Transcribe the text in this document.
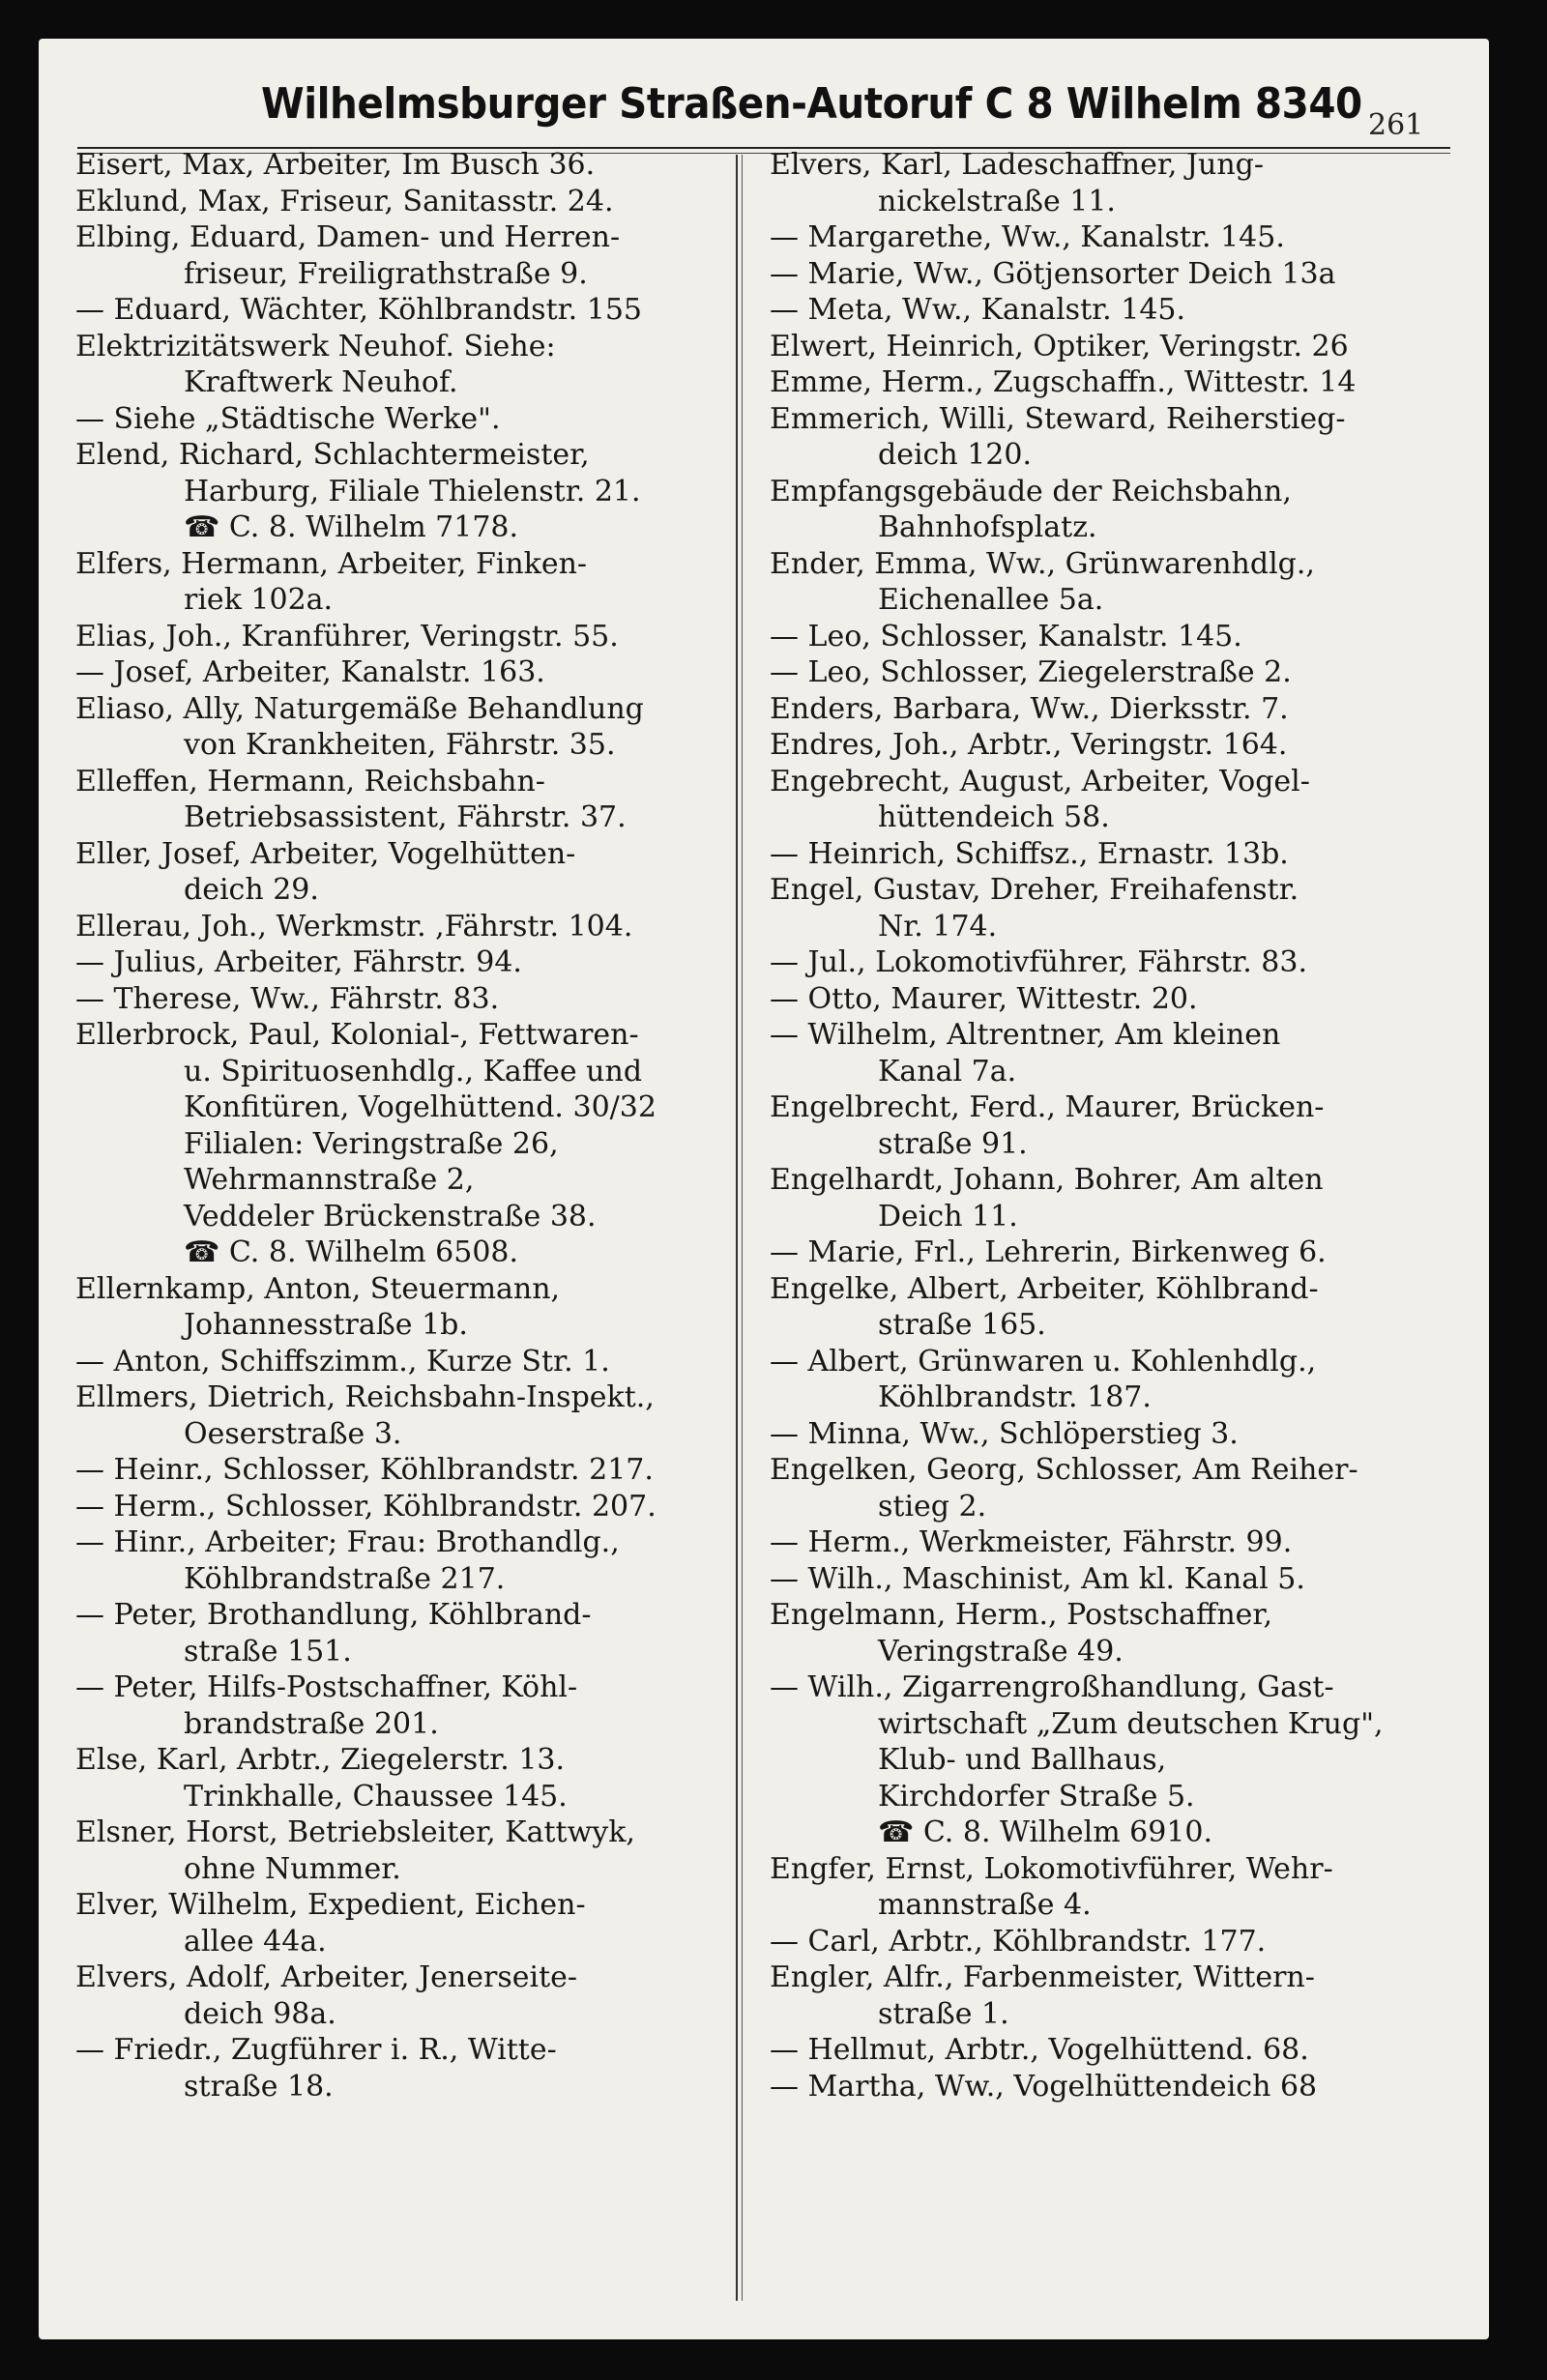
Wilhelmsburger Straßen-Autoruf C 8 Wilhelm 8340 261
Eisert, Max, Arbeiter, Im Busch 36.
Eklund, Max, Friseur, Sanitasstr. 24.
Elbing, Eduard, Damen- und Herren-
friseur, Freiligrathstraße 9.
— Eduard, Wächter, Köhlbrandstr. 155
Elektrizitätswerk Neuhof. Siehe:
Kraftwerk Neuhof.
— Siehe „Städtische Werke".
Elend, Richard, Schlachtermeister,
Harburg, Filiale Thielenstr. 21.
☎ C. 8. Wilhelm 7178.
Elfers, Hermann, Arbeiter, Finken-
riek 102a.
Elias, Joh., Kranführer, Veringstr. 55.
— Josef, Arbeiter, Kanalstr. 163.
Eliaso, Ally, Naturgemäße Behandlung
von Krankheiten, Fährstr. 35.
Elleffen, Hermann, Reichsbahn-
Betriebsassistent, Fährstr. 37.
Eller, Josef, Arbeiter, Vogelhütten-
deich 29.
Ellerau, Joh., Werkmstr. ,Fährstr. 104.
— Julius, Arbeiter, Fährstr. 94.
— Therese, Ww., Fährstr. 83.
Ellerbrock, Paul, Kolonial-, Fettwaren-
u. Spirituosenhdlg., Kaffee und
Konfitüren, Vogelhüttend. 30/32
Filialen: Veringstraße 26,
Wehrmannstraße 2,
Veddeler Brückenstraße 38.
☎ C. 8. Wilhelm 6508.
Ellernkamp, Anton, Steuermann,
Johannesstraße 1b.
— Anton, Schiffszimm., Kurze Str. 1.
Ellmers, Dietrich, Reichsbahn-Inspekt.,
Oeserstraße 3.
— Heinr., Schlosser, Köhlbrandstr. 217.
— Herm., Schlosser, Köhlbrandstr. 207.
— Hinr., Arbeiter; Frau: Brothandlg.,
Köhlbrandstraße 217.
— Peter, Brothandlung, Köhlbrand-
straße 151.
— Peter, Hilfs-Postschaffner, Köhl-
brandstraße 201.
Else, Karl, Arbtr., Ziegelerstr. 13.
Trinkhalle, Chaussee 145.
Elsner, Horst, Betriebsleiter, Kattwyk,
ohne Nummer.
Elver, Wilhelm, Expedient, Eichen-
allee 44a.
Elvers, Adolf, Arbeiter, Jenerseite-
deich 98a.
— Friedr., Zugführer i. R., Witte-
straße 18.
Elvers, Karl, Ladeschaffner, Jung-
nickelstraße 11.
— Margarethe, Ww., Kanalstr. 145.
— Marie, Ww., Götjensorter Deich 13a
— Meta, Ww., Kanalstr. 145.
Elwert, Heinrich, Optiker, Veringstr. 26
Emme, Herm., Zugschaffn., Wittestr. 14
Emmerich, Willi, Steward, Reiherstieg-
deich 120.
Empfangsgebäude der Reichsbahn,
Bahnhofsplatz.
Ender, Emma, Ww., Grünwarenhdlg.,
Eichenallee 5a.
— Leo, Schlosser, Kanalstr. 145.
— Leo, Schlosser, Ziegelerstraße 2.
Enders, Barbara, Ww., Dierksstr. 7.
Endres, Joh., Arbtr., Veringstr. 164.
Engebrecht, August, Arbeiter, Vogel-
hüttendeich 58.
— Heinrich, Schiffsz., Ernastr. 13b.
Engel, Gustav, Dreher, Freihafenstr.
Nr. 174.
— Jul., Lokomotivführer, Fährstr. 83.
— Otto, Maurer, Wittestr. 20.
— Wilhelm, Altrentner, Am kleinen
Kanal 7a.
Engelbrecht, Ferd., Maurer, Brücken-
straße 91.
Engelhardt, Johann, Bohrer, Am alten
Deich 11.
— Marie, Frl., Lehrerin, Birkenweg 6.
Engelke, Albert, Arbeiter, Köhlbrand-
straße 165.
— Albert, Grünwaren u. Kohlenhdlg.,
Köhlbrandstr. 187.
— Minna, Ww., Schlöperstieg 3.
Engelken, Georg, Schlosser, Am Reiher-
stieg 2.
— Herm., Werkmeister, Fährstr. 99.
— Wilh., Maschinist, Am kl. Kanal 5.
Engelmann, Herm., Postschaffner,
Veringstraße 49.
— Wilh., Zigarrengroßhandlung, Gast-
wirtschaft „Zum deutschen Krug",
Klub- und Ballhaus,
Kirchdorfer Straße 5.
☎ C. 8. Wilhelm 6910.
Engfer, Ernst, Lokomotivführer, Wehr-
mannstraße 4.
— Carl, Arbtr., Köhlbrandstr. 177.
Engler, Alfr., Farbenmeister, Wittern-
straße 1.
— Hellmut, Arbtr., Vogelhüttend. 68.
— Martha, Ww., Vogelhüttendeich 68
